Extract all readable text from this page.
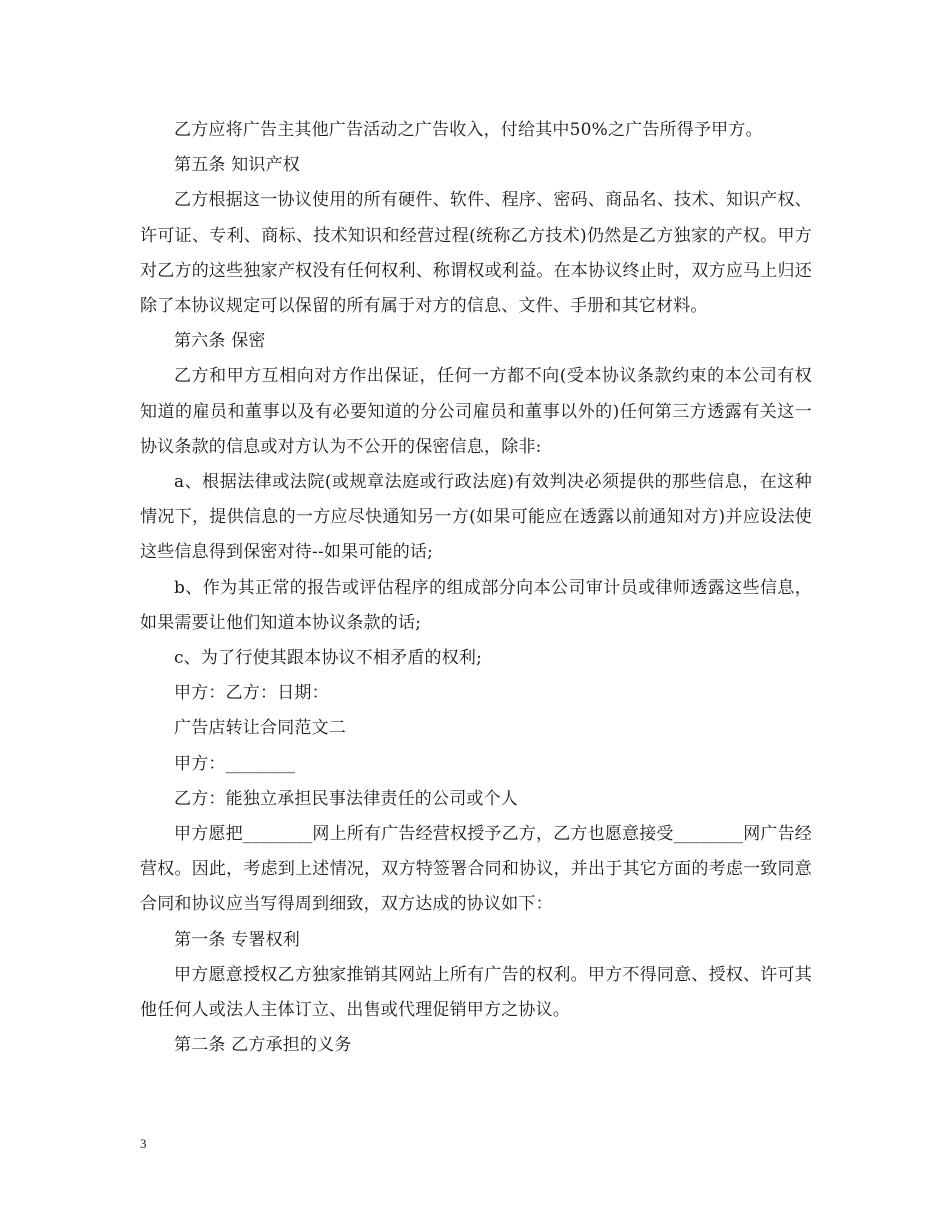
乙方应将广告主其他广告活动之广告收入，付给其中50%之广告所得予甲方。

第五条 知识产权

乙方根据这一协议使用的所有硬件、软件、程序、密码、商品名、技术、知识产权、许可证、专利、商标、技术知识和经营过程(统称乙方技术)仍然是乙方独家的产权。甲方对乙方的这些独家产权没有任何权利、称谓权或利益。在本协议终止时，双方应马上归还除了本协议规定可以保留的所有属于对方的信息、文件、手册和其它材料。

第六条 保密

乙方和甲方互相向对方作出保证，任何一方都不向(受本协议条款约束的本公司有权知道的雇员和董事以及有必要知道的分公司雇员和董事以外的)任何第三方透露有关这一协议条款的信息或对方认为不公开的保密信息，除非:

a、根据法律或法院(或规章法庭或行政法庭)有效判决必须提供的那些信息，在这种情况下，提供信息的一方应尽快通知另一方(如果可能应在透露以前通知对方)并应设法使这些信息得到保密对待--如果可能的话;

b、作为其正常的报告或评估程序的组成部分向本公司审计员或律师透露这些信息，如果需要让他们知道本协议条款的话;

c、为了行使其跟本协议不相矛盾的权利;

甲方：乙方：日期：

广告店转让合同范文二

甲方：________

乙方：能独立承担民事法律责任的公司或个人

甲方愿把________网上所有广告经营权授予乙方，乙方也愿意接受________网广告经营权。因此，考虑到上述情况，双方特签署合同和协议，并出于其它方面的考虑一致同意合同和协议应当写得周到细致，双方达成的协议如下：

第一条 专署权利

甲方愿意授权乙方独家推销其网站上所有广告的权利。甲方不得同意、授权、许可其他任何人或法人主体订立、出售或代理促销甲方之协议。

第二条 乙方承担的义务

3
